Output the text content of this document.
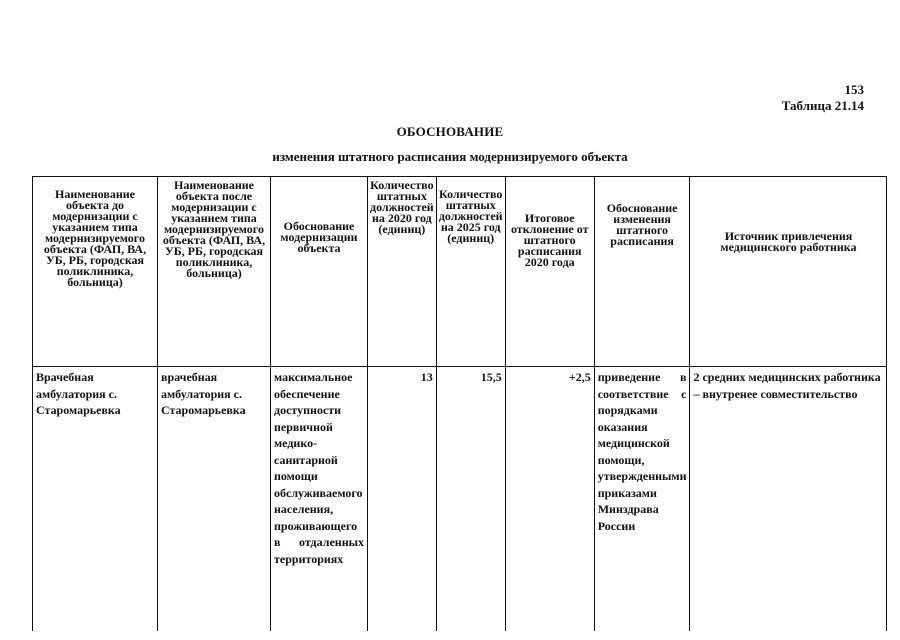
153
Таблица 21.14
ОБОСНОВАНИЕ
изменения штатного расписания модернизируемого объекта
Наименование объекта до модернизации с указанием типа модернизируемого объекта (ФАП, ВА, УБ, РБ, городская поликлиника, больница)	Наименование объекта после модернизации с указанием типа модернизируемого объекта (ФАП, ВА, УБ, РБ, городская поликлиника, больница)	Обоснование модернизации объекта	Количество штатных должностей на 2020 год (единиц)	Количество штатных должностей на 2025 год (единиц)	Итоговое отклонение от штатного расписания 2020 года	Обоснование изменения штатного расписания	Источник привлечения медицинского работника
Врачебная амбулатория с. Старомарьевка	врачебная амбулатория с. Старомарьевка	максимальное обеспечение доступности первичной медико-санитарной помощи обслуживаемого населения, проживающего в отдаленных территориях	13	15,5	+2,5	приведение в соответствие с порядками оказания медицинской помощи, утвержденными приказами Минздрава России	2 средних медицинских работника – внутренее совместительство
